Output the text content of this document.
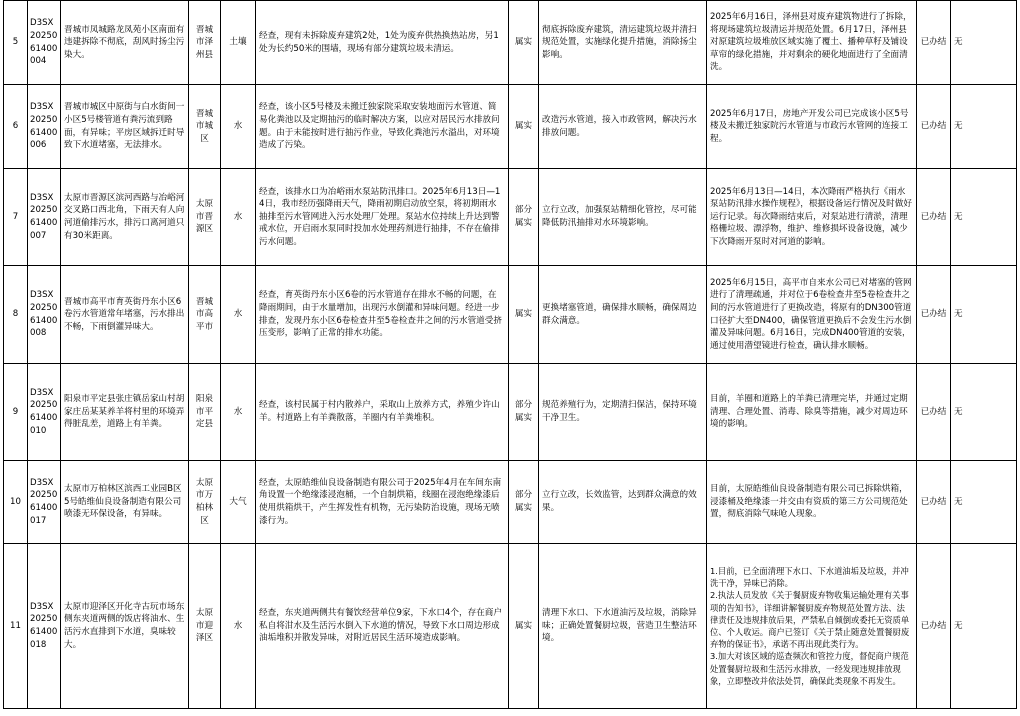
5	D3SX2025061400004	晋城市凤城路龙凤苑小区南面有违建拆除不彻底，刮风时扬尘污染大。	晋城市泽州县	土壤	经查，现有未拆除废弃建筑2处，1处为废弃供热换热站房，另1处为长约50米的围墙，现场有部分建筑垃圾未清运。	属实	彻底拆除废弃建筑，清运建筑垃圾并清扫规范处置，实施绿化提升措施，消除扬尘影响。	2025年6月16日，泽州县对废弃建筑物进行了拆除，将现场建筑垃圾清运并规范处置。6月17日，泽州县对原建筑垃圾堆放区域实施了覆土、播种草籽及铺设草帘的绿化措施，并对剩余的硬化地面进行了全面清洗。	已办结	无
6	D3SX2025061400006	晋城市城区中原街与白水街间一小区5号楼管道有粪污流到路面，有异味；平房区域拆迁时导致下水道堵塞，无法排水。	晋城市城区	水	经查，该小区5号楼及未搬迁独家院采取安装地面污水管道、简易化粪池以及定期抽污的临时解决方案，以应对居民污水排放问题。由于未能按时进行抽污作业，导致化粪池污水溢出，对环境造成了污染。	属实	改造污水管道，接入市政管网，解决污水排放问题。	2025年6月17日，房地产开发公司已完成该小区5号楼及未搬迁独家院污水管道与市政污水管网的连接工程。	已办结	无
7	D3SX2025061400007	太原市晋源区滨河西路与冶峪河交叉路口西北角，下雨天有人向河道偷排污水，排污口离河道只有30米距离。	太原市晋源区	水	经查，该排水口为冶峪雨水泵站防汛排口。2025年6月13日—14日，我市经历强降雨天气，降雨初期启动放空泵，将初期雨水抽排至污水管网进入污水处理厂处理。泵站水位持续上升达到警戒水位，开启雨水泵同时投加水处理药剂进行抽排，不存在偷排污水问题。	部分属实	立行立改，加强泵站精细化管控，尽可能降低防汛抽排对水环境影响。	2025年6月13日—14日，本次降雨严格执行《雨水泵站防汛排水操作规程》，根据设备运行情况及时做好运行记录。每次降雨结束后，对泵站进行清淤，清理格栅垃圾、漂浮物，维护、维修损坏设备设施，减少下次降雨开泵时对河道的影响。	已办结	无
8	D3SX2025061400008	晋城市高平市育英街丹东小区6卷污水管道常年堵塞，污水排出不畅，下雨倒灌异味大。	晋城市高平市	水	经查，育英街丹东小区6卷的污水管道存在排水不畅的问题，在降雨期间，由于水量增加，出现污水倒灌和异味问题。经进一步排查，发现丹东小区6卷检查井至5卷检查井之间的污水管道受挤压变形，影响了正常的排水功能。	属实	更换堵塞管道，确保排水顺畅，确保周边群众满意。	2025年6月15日，高平市自来水公司已对堵塞的管网进行了清理疏通，并对位于6卷检查井至5卷检查井之间的污水管道进行了更换改造，将原有的DN300管道口径扩大至DN400，确保管道更换后不会发生污水倒灌及异味问题。6月16日，完成DN400管道的安装，通过使用潜望镜进行检查，确认排水顺畅。	已办结	无
9	D3SX2025061400010	阳泉市平定县张庄镇岳家山村胡家庄岳某某养羊将村里的环境弄得脏乱差，道路上有羊粪。	阳泉市平定县	水	经查，该村民属于村内散养户，采取山上放养方式，养殖少许山羊。村道路上有羊粪散落，羊圈内有羊粪堆积。	部分属实	规范养殖行为，定期清扫保洁，保持环境干净卫生。	目前，羊圈和道路上的羊粪已清理完毕，并通过定期清理、合理处置、消毒、除臭等措施，减少对周边环境的影响。	已办结	无
10	D3SX2025061400017	太原市万柏林区滨西工业园B区5号皓维仙良设备制造有限公司喷漆无环保设备，有异味。	太原市万柏林区	大气	经查，太原皓维仙良设备制造有限公司于2025年4月在车间东南角设置一个绝缘漆浸泡桶，一个自制烘箱，线圈在浸泡绝缘漆后使用烘箱烘干，产生挥发性有机物，无污染防治设施，现场无喷漆行为。	部分属实	立行立改，长效监管，达到群众满意的效果。	目前，太原皓维仙良设备制造有限公司已拆除烘箱，浸漆桶及绝缘漆一并交由有资质的第三方公司规范处置，彻底消除气味呛人现象。	已办结	无
11	D3SX2025061400018	太原市迎泽区开化寺古玩市场东侧东夹道两侧的饭店将油水、生活污水直排到下水道，臭味较大。	太原市迎泽区	水	经查，东夹道两侧共有餐饮经营单位9家，下水口4个，存在商户私自将泔水及生活污水倒入下水道的情况，导致下水口周边形成油垢堆积并散发异味，对附近居民生活环境造成影响。	属实	清理下水口、下水道油污及垃圾，消除异味；正确处置餐厨垃圾，营造卫生整洁环境。	1.目前，已全面清理下水口、下水道油垢及垃圾，并冲洗干净，异味已消除。
2.执法人员发放《关于餐厨废弃物收集运输处理有关事项的告知书》，详细讲解餐厨废弃物规范处置方法、法律责任及违规排放后果，严禁私自倾倒或委托无资质单位、个人收运。商户已签订《关于禁止随意处置餐厨废弃物的保证书》，承诺不再出现此类行为。
3.加大对该区域的巡查频次和管控力度，督促商户规范处置餐厨垃圾和生活污水排放，一经发现违规排放现象，立即整改并依法处罚，确保此类现象不再发生。	已办结	无
